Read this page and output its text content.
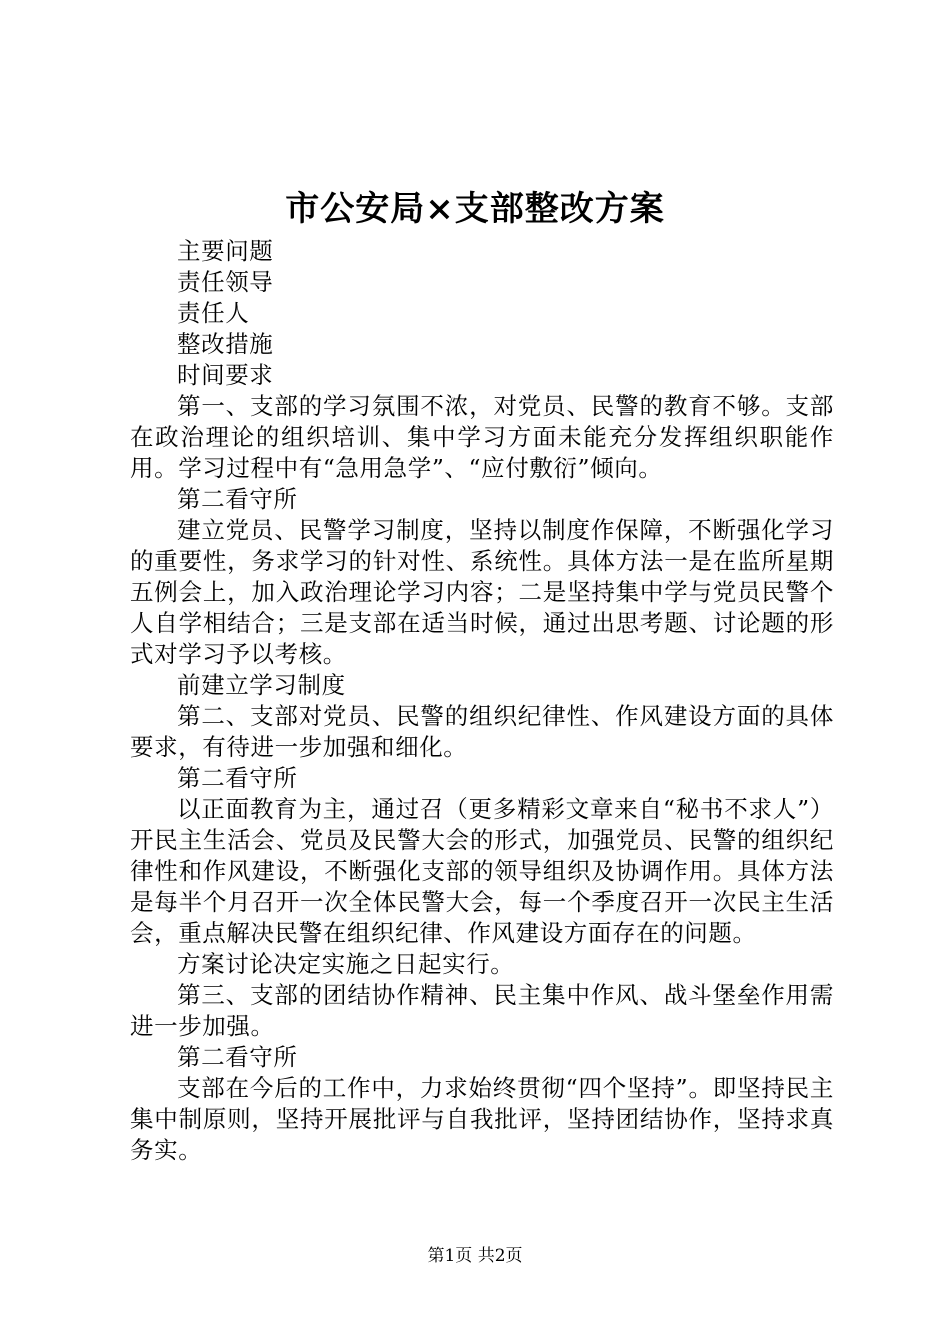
市公安局×支部整改方案

主要问题

责任领导

责任人

整改措施

时间要求

第一、支部的学习氛围不浓，对党员、民警的教育不够。支部在政治理论的组织培训、集中学习方面未能充分发挥组织职能作用。学习过程中有“急用急学”、“应付敷衍”倾向。

第二看守所

建立党员、民警学习制度，坚持以制度作保障，不断强化学习的重要性，务求学习的针对性、系统性。具体方法一是在监所星期五例会上，加入政治理论学习内容；二是坚持集中学与党员民警个人自学相结合；三是支部在适当时候，通过出思考题、讨论题的形式对学习予以考核。

前建立学习制度

第二、支部对党员、民警的组织纪律性、作风建设方面的具体要求，有待进一步加强和细化。

第二看守所

以正面教育为主，通过召（更多精彩文章来自“秘书不求人”）开民主生活会、党员及民警大会的形式，加强党员、民警的组织纪律性和作风建设，不断强化支部的领导组织及协调作用。具体方法是每半个月召开一次全体民警大会，每一个季度召开一次民主生活会，重点解决民警在组织纪律、作风建设方面存在的问题。

方案讨论决定实施之日起实行。

第三、支部的团结协作精神、民主集中作风、战斗堡垒作用需进一步加强。

第二看守所

支部在今后的工作中，力求始终贯彻“四个坚持”。即坚持民主集中制原则，坚持开展批评与自我批评，坚持团结协作，坚持求真务实。

第1页 共2页
